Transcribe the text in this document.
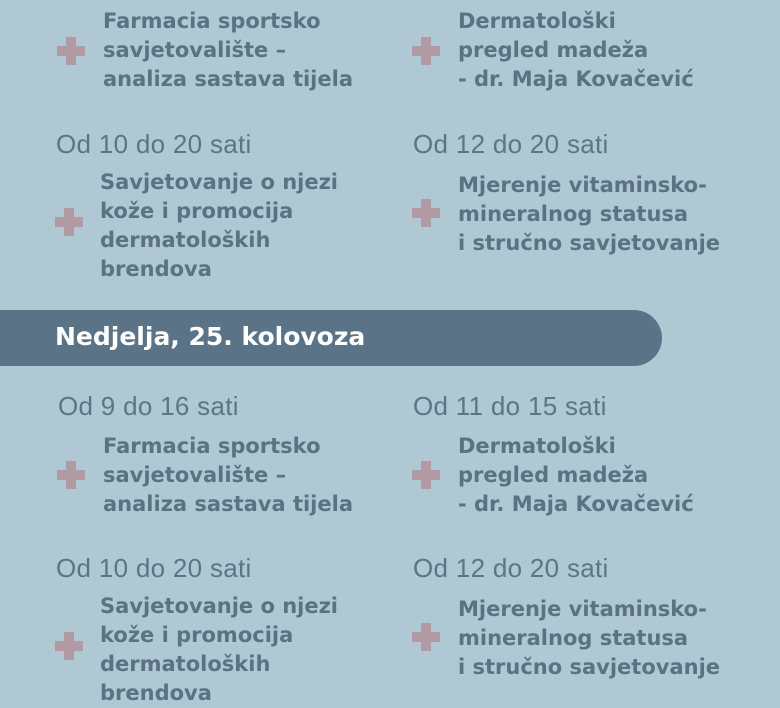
Farmacia sportsko
savjetovalište –
analiza sastava tijela
Dermatološki
pregled madeža
- dr. Maja Kovačević
Od 10 do 20 sati
Savjetovanje o njezi
kože i promocija
dermatoloških
brendova
Od 12 do 20 sati
Mjerenje vitaminsko-
mineralnog statusa
i stručno savjetovanje
Nedjelja, 25. kolovoza
Od 9 do 16 sati
Farmacia sportsko
savjetovalište –
analiza sastava tijela
Od 11 do 15 sati
Dermatološki
pregled madeža
- dr. Maja Kovačević
Od 10 do 20 sati
Savjetovanje o njezi
kože i promocija
dermatoloških
brendova
Od 12 do 20 sati
Mjerenje vitaminsko-
mineralnog statusa
i stručno savjetovanje
